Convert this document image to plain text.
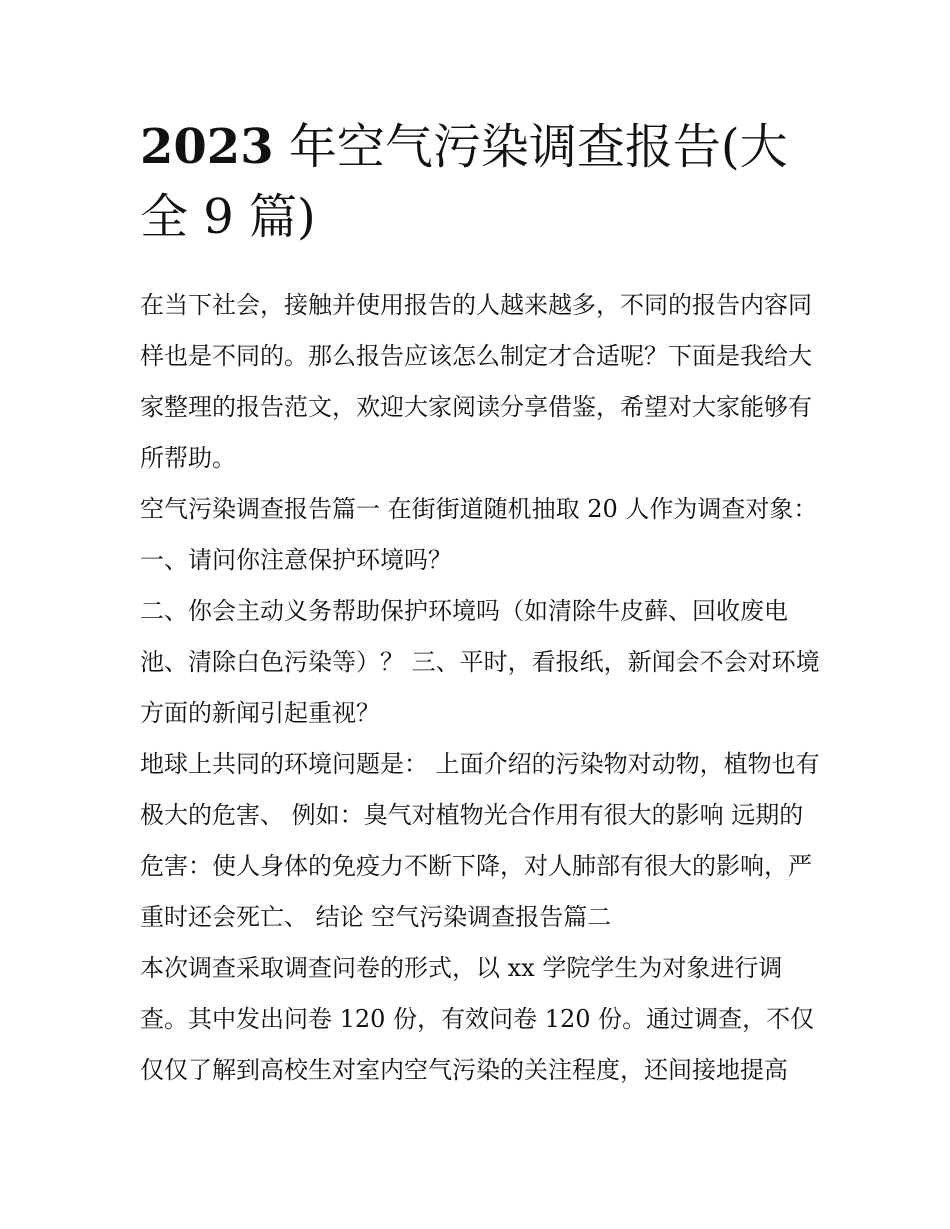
2023 年空气污染调查报告(大全 9 篇)

在当下社会，接触并使用报告的人越来越多，不同的报告内容同样也是不同的。那么报告应该怎么制定才合适呢？下面是我给大家整理的报告范文，欢迎大家阅读分享借鉴，希望对大家能够有所帮助。

空气污染调查报告篇一 在街街道随机抽取 20 人作为调查对象： 一、请问你注意保护环境吗？

二、你会主动义务帮助保护环境吗（如清除牛皮藓、回收废电池、清除白色污染等）？ 三、平时，看报纸，新闻会不会对环境方面的新闻引起重视？

地球上共同的环境问题是： 上面介绍的污染物对动物，植物也有极大的危害、 例如：臭气对植物光合作用有很大的影响 远期的危害：使人身体的免疫力不断下降，对人肺部有很大的影响，严重时还会死亡、 结论 空气污染调查报告篇二

本次调查采取调查问卷的形式，以 xx 学院学生为对象进行调查。其中发出问卷 120 份，有效问卷 120 份。通过调查，不仅仅仅了解到高校生对室内空气污染的关注程度，还间接地提高
